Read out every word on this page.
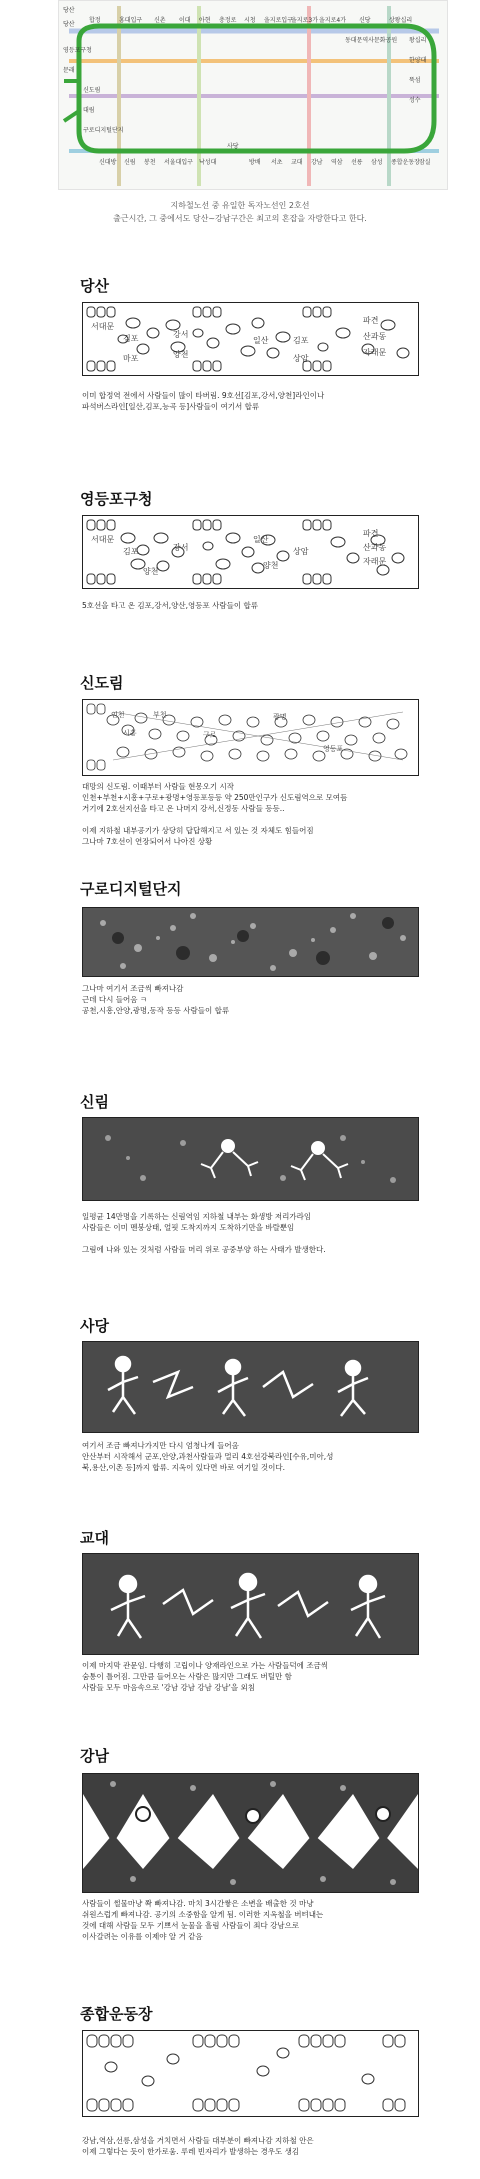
당산
영등포구청
문래
신도림
대림
구로디지털단지
합정	홍대입구 신촌 이대 아현 충정로 시청 을지로입구
을지로3가 을지로4가
동대문역사문화공원
신당	상왕십리
왕십리
한양대
뚝섬
성수
당산
신대방 신림 봉천 서울대입구 낙성대
사당
방배 서초 교대 강남 역삼 선릉 삼성 종합운동장 잠실
지하철노선 중 유일한 독자노선인 2호선
출근시간, 그 중에서도 당산~강남구간은 최고의 혼잡을 자랑한다고 한다.
당산
서대문
김포	강서
양천
마포
일산	김포
상암
산과동
파견
자래문
이미 합정역 전에서 사람들이 많이 타버림. 9호선[김포,강서,양천]라인이나
파석버스라인[일산,김포,능곡 등]사람들이 여기서 합류
영등포구청
서대문
김포	강서
양천
일산
양천
상암	산과동
파견
자래문
5호선을 타고 온 김포,강서,양산,영등포 사람들이 합류
신도림
인천	부천
시흥	구로
광명
영등포
대망의 신도림. 이때부터 사람들 현몽오기 시작
인천+부천+시흥+구로+광명+영등포등등 약 250만인구가 신도림역으로 모여듬
거기에 2호선지선을 타고 온 나머지 강서,신정동 사람들 등등..

이제 지하철 내부공기가 상당히 답답해지고 서 있는 것 자체도 힘들어짐
그나마 7호선이 연장되어서 나아진 상황
구로디지털단지
그나마 여기서 조금씩 빠져나감
근데 다시 들어옴 ㅋ
공천,시흥,안양,광명,동작 등등 사람들이 합류
신림
일평균 14만명을 기록하는 신림역임 지하철 내부는 화생방 저리가라임
사람들은 이미 멘붕상태, 얼핏 도착지까지 도착하기만을 바랄뿐임

그림에 나와 있는 것처럼 사람들 머리 위로 공중부양 하는 사태가 발생한다.
사당
여기서 조금 빠져나가지만 다시 엄청나게 들어옴
안산부터 시작해서 군포,안양,과천사람들과 멀리 4호선강북라인[수유,미아,성
북,용산,이촌 등]까지 합류. 지옥이 있다면 바로 여기일 것이다.
교대
이제 마지막 관문임. 다행히 고립이나 양재라인으로 가는 사람들덕에 조금씩
숨통이 틀어짐. 그만큼 들어오는 사람은 많지만 그래도 버틸만 함
사람들 모두 마음속으로 '강남 강남 강남 강남'을 외침
강남
사람들이 썰물마냥 쫙 빠져나감. 마치 3시간쌓은 소변을 배출한 것 마냥
쉬원스럽게 빠져나감. 공기의 소중함을 알게 됨. 이러한 지옥철을 버텨내는
것에 대해 사람들 모두 기쁘서 눈물을 흘림 사람들이 죄다 강남으로
이사갈려는 이유를 이제야 알 거 같음
종합운동장
강남,역삼,선릉,삼성을 거치면서 사람들 대부분이 빠져나감 지하철 안은
이제 그렇다는 듯이 한가로움. 루레 빈자리가 발생하는 경우도 생김
